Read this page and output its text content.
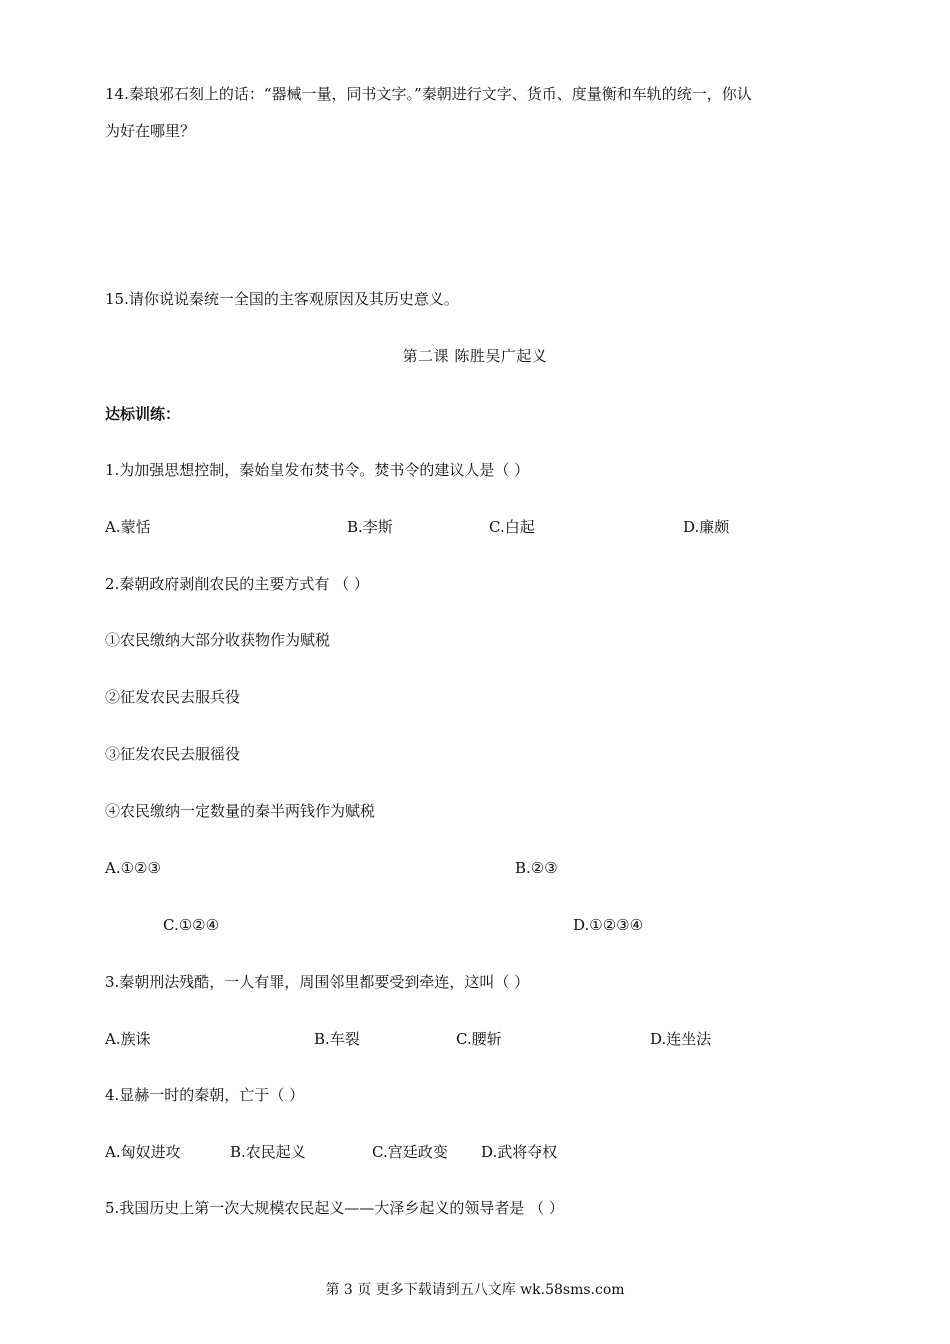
14.秦琅邪石刻上的话：“器械一量，同书文字。”秦朝进行文字、货币、度量衡和车轨的统一，你认
为好在哪里？
15.请你说说秦统一全国的主客观原因及其历史意义。
第二课 陈胜吴广起义
达标训练：
1.为加强思想控制，秦始皇发布焚书令。焚书令的建议人是（ ）
A.蒙恬	B.李斯	C.白起	D.廉颇
2.秦朝政府剥削农民的主要方式有 （ ）
①农民缴纳大部分收获物作为赋税
②征发农民去服兵役
③征发农民去服徭役
④农民缴纳一定数量的秦半两钱作为赋税
A.①②③	B.②③
C.①②④	D.①②③④
3.秦朝刑法残酷，一人有罪，周围邻里都要受到牵连，这叫（ ）
A.族诛	B.车裂	C.腰斩	D.连坐法
4.显赫一时的秦朝，亡于（ ）
A.匈奴进攻	B.农民起义	C.宫廷政变 D.武将夺权
5.我国历史上第一次大规模农民起义——大泽乡起义的领导者是 （ ）
第 3 页 更多下载请到五八文库 wk.58sms.com
